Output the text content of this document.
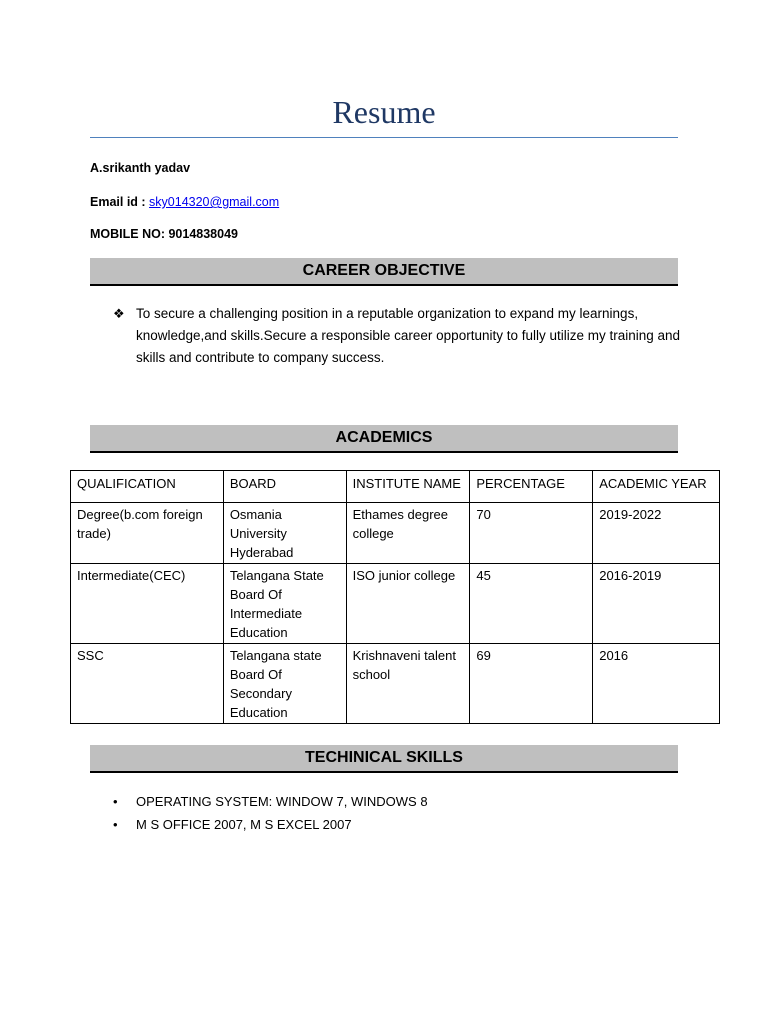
Resume
A.srikanth yadav
Email id : sky014320@gmail.com
MOBILE NO: 9014838049
CAREER OBJECTIVE
❖ To secure a challenging position in a reputable organization to expand my learnings, knowledge,and skills.Secure a responsible career opportunity to fully utilize my training and skills and contribute to company success.
ACADEMICS
QUALIFICATION	BOARD	INSTITUTE NAME	PERCENTAGE	ACADEMIC YEAR
Degree(b.com foreign trade)	Osmania University Hyderabad	Ethames degree college	70	2019-2022
Intermediate(CEC)	Telangana State Board Of Intermediate Education	ISO junior college	45	2016-2019
SSC	Telangana state Board Of Secondary Education	Krishnaveni talent school	69	2016
TECHINICAL SKILLS
• OPERATING SYSTEM: WINDOW 7, WINDOWS 8
• M S OFFICE 2007, M S EXCEL 2007
